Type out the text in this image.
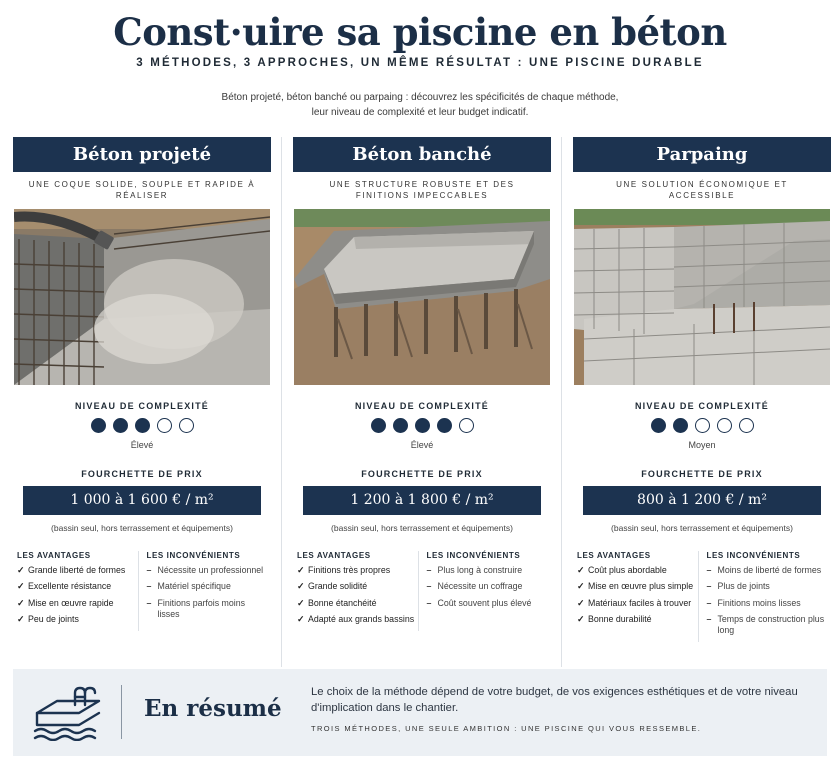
Const·uire sa piscine en béton
3 MÉTHODES, 3 APPROCHES, UN MÊME RÉSULTAT : UNE PISCINE DURABLE
Béton projeté, béton banché ou parpaing : découvrez les spécificités de chaque méthode,
leur niveau de complexité et leur budget indicatif.
Béton projeté
UNE COQUE SOLIDE, SOUPLE ET RAPIDE À RÉALISER
NIVEAU DE COMPLEXITÉ
Élevé
FOURCHETTE DE PRIX
1 000 à 1 600 € / m²
(bassin seul, hors terrassement et équipements)
LES AVANTAGES
✓ Grande liberté de formes
✓ Excellente résistance
✓ Mise en œuvre rapide
✓ Peu de joints
LES INCONVÉNIENTS
– Nécessite un professionnel
– Matériel spécifique
– Finitions parfois moins lisses
Béton banché
UNE STRUCTURE ROBUSTE ET DES FINITIONS IMPECCABLES
NIVEAU DE COMPLEXITÉ
Élevé
FOURCHETTE DE PRIX
1 200 à 1 800 € / m²
(bassin seul, hors terrassement et équipements)
LES AVANTAGES
✓ Finitions très propres
✓ Grande solidité
✓ Bonne étanchéité
✓ Adapté aux grands bassins
LES INCONVÉNIENTS
– Plus long à construire
– Nécessite un coffrage
– Coût souvent plus élevé
Parpaing
UNE SOLUTION ÉCONOMIQUE ET ACCESSIBLE
NIVEAU DE COMPLEXITÉ
Moyen
FOURCHETTE DE PRIX
800 à 1 200 € / m²
(bassin seul, hors terrassement et équipements)
LES AVANTAGES
✓ Coût plus abordable
✓ Mise en œuvre plus simple
✓ Matériaux faciles à trouver
✓ Bonne durabilité
LES INCONVÉNIENTS
– Moins de liberté de formes
– Plus de joints
– Finitions moins lisses
– Temps de construction plus long
En résumé
Le choix de la méthode dépend de votre budget, de vos exigences esthétiques et de votre niveau d'implication dans le chantier.
TROIS MÉTHODES, UNE SEULE AMBITION : UNE PISCINE QUI VOUS RESSEMBLE.
